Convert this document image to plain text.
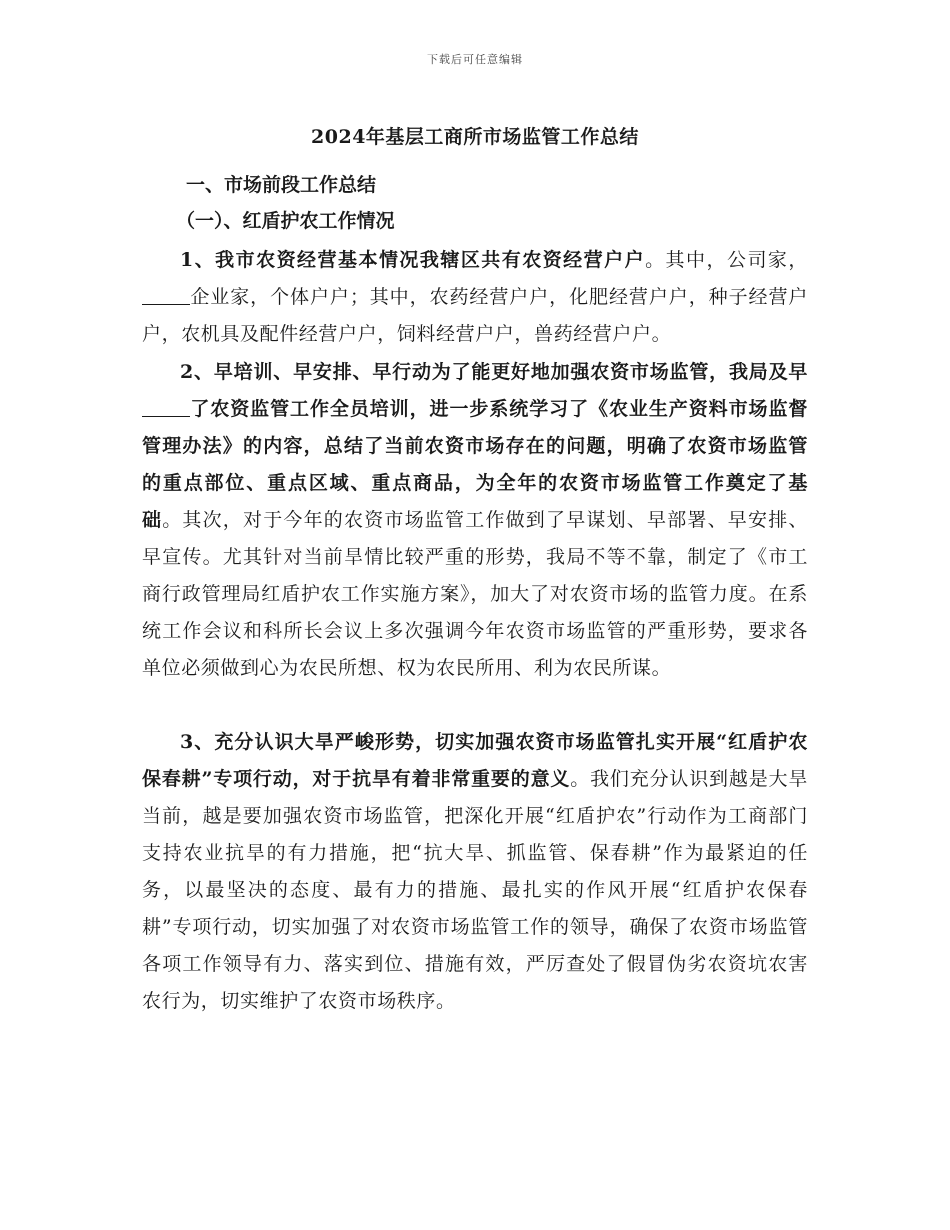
下载后可任意编辑
2024年基层工商所市场监管工作总结
一、市场前段工作总结
（一）、红盾护农工作情况

1、我市农资经营基本情况我辖区共有农资经营户户。其中，公司家，企业家，个体户户；其中，农药经营户户，化肥经营户户，种子经营户户，农机具及配件经营户户，饲料经营户户，兽药经营户户。

2、早培训、早安排、早行动为了能更好地加强农资市场监管，我局及早了农资监管工作全员培训，进一步系统学习了《农业生产资料市场监督管理办法》的内容，总结了当前农资市场存在的问题，明确了农资市场监管的重点部位、重点区域、重点商品，为全年的农资市场监管工作奠定了基础。其次，对于今年的农资市场监管工作做到了早谋划、早部署、早安排、早宣传。尤其针对当前旱情比较严重的形势，我局不等不靠，制定了《市工商行政管理局红盾护农工作实施方案》，加大了对农资市场的监管力度。在系统工作会议和科所长会议上多次强调今年农资市场监管的严重形势，要求各单位必须做到心为农民所想、权为农民所用、利为农民所谋。

3、充分认识大旱严峻形势，切实加强农资市场监管扎实开展“红盾护农保春耕”专项行动，对于抗旱有着非常重要的意义。我们充分认识到越是大旱当前，越是要加强农资市场监管，把深化开展“红盾护农”行动作为工商部门支持农业抗旱的有力措施，把“抗大旱、抓监管、保春耕”作为最紧迫的任务，以最坚决的态度、最有力的措施、最扎实的作风开展“红盾护农保春耕”专项行动，切实加强了对农资市场监管工作的领导，确保了农资市场监管各项工作领导有力、落实到位、措施有效，严厉查处了假冒伪劣农资坑农害农行为，切实维护了农资市场秩序。
